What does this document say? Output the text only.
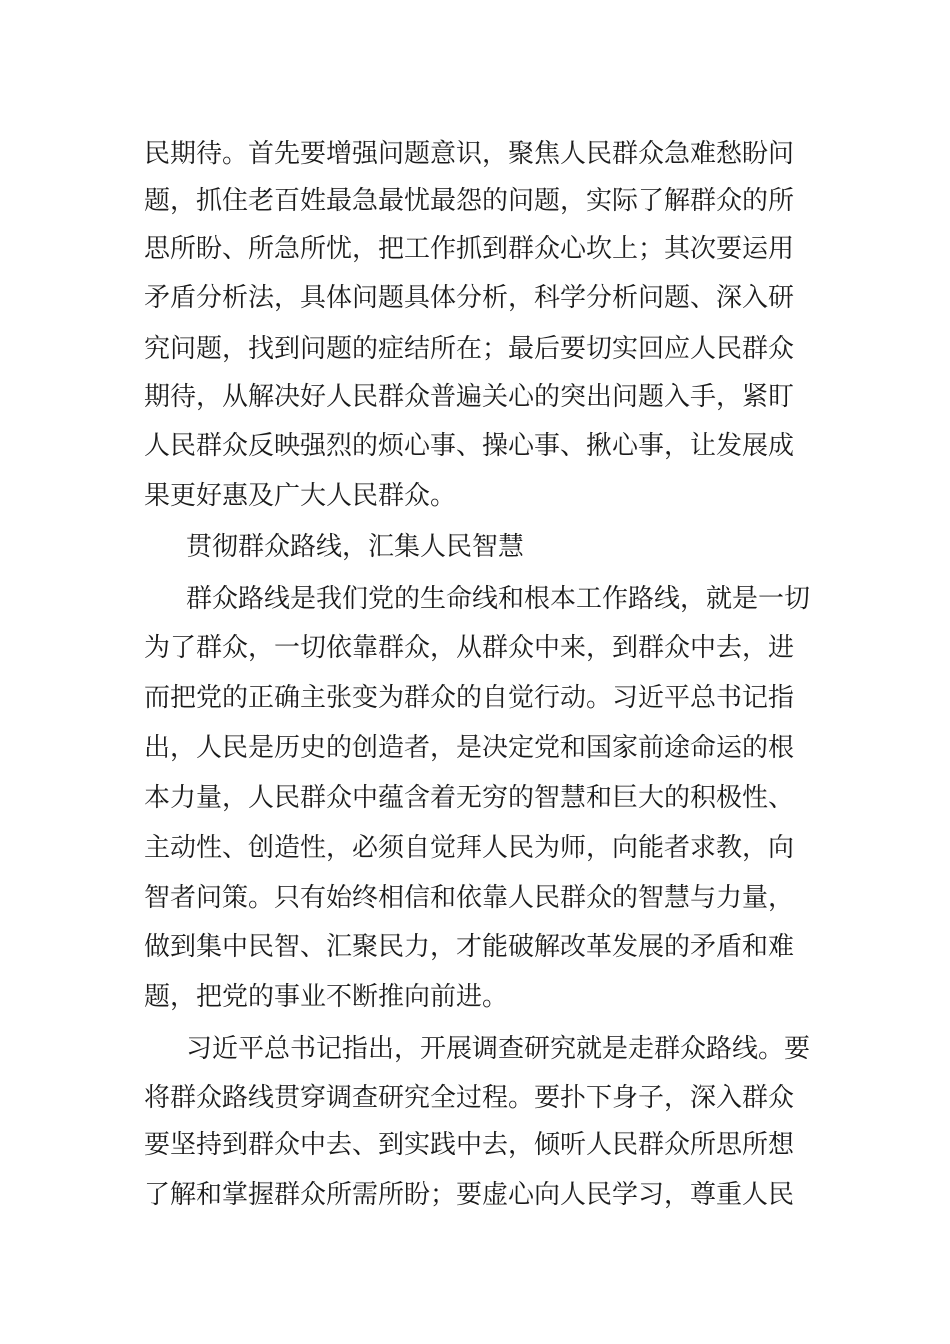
民期待。首先要增强问题意识，聚焦人民群众急难愁盼问
题，抓住老百姓最急最忧最怨的问题，实际了解群众的所
思所盼、所急所忧，把工作抓到群众心坎上；其次要运用
矛盾分析法，具体问题具体分析，科学分析问题、深入研
究问题，找到问题的症结所在；最后要切实回应人民群众
期待，从解决好人民群众普遍关心的突出问题入手，紧盯
人民群众反映强烈的烦心事、操心事、揪心事，让发展成
果更好惠及广大人民群众。
贯彻群众路线，汇集人民智慧
群众路线是我们党的生命线和根本工作路线，就是一切
为了群众，一切依靠群众，从群众中来，到群众中去，进
而把党的正确主张变为群众的自觉行动。习近平总书记指
出，人民是历史的创造者，是决定党和国家前途命运的根
本力量，人民群众中蕴含着无穷的智慧和巨大的积极性、
主动性、创造性，必须自觉拜人民为师，向能者求教，向
智者问策。只有始终相信和依靠人民群众的智慧与力量，
做到集中民智、汇聚民力，才能破解改革发展的矛盾和难
题，把党的事业不断推向前进。
习近平总书记指出，开展调查研究就是走群众路线。要
将群众路线贯穿调查研究全过程。要扑下身子，深入群众
要坚持到群众中去、到实践中去，倾听人民群众所思所想
了解和掌握群众所需所盼；要虚心向人民学习，尊重人民
